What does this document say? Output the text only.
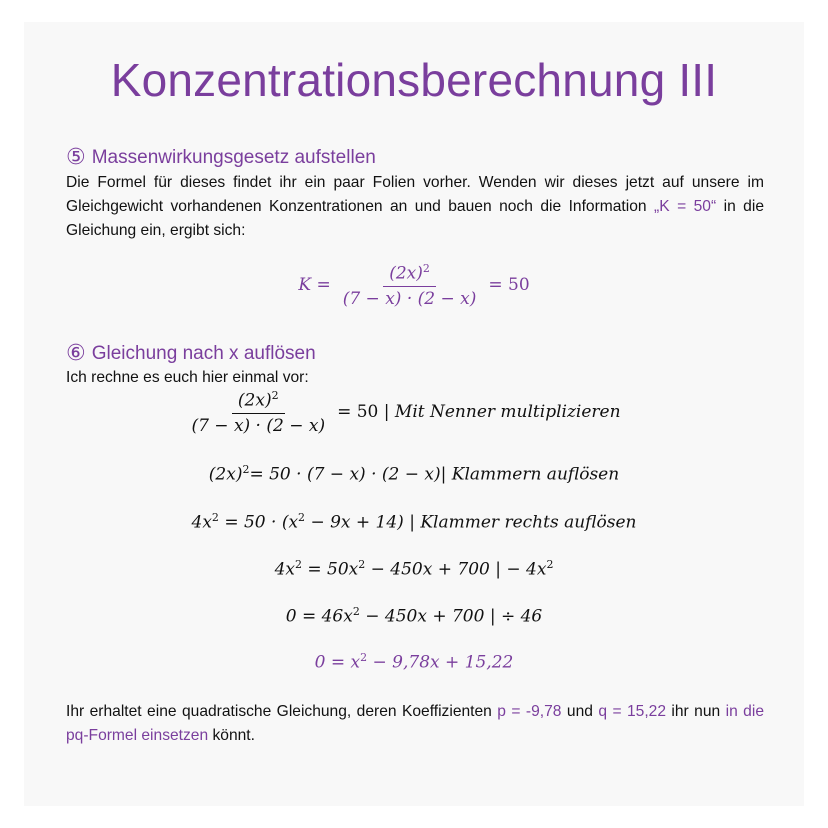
Konzentrationsberechnung III
⑤ Massenwirkungsgesetz aufstellen
Die Formel für dieses findet ihr ein paar Folien vorher. Wenden wir dieses jetzt auf unsere im Gleichgewicht vorhandenen Konzentrationen an und bauen noch die Information „K = 50“ in die Gleichung ein, ergibt sich:
$K = \frac{(2x)^2}{(7 - x) \cdot (2 - x)} = 50$
⑥ Gleichung nach x auflösen
Ich rechne es euch hier einmal vor:
$\frac{(2x)^2}{(7 - x) \cdot (2 - x)} = 50$ |
Mit Nenner multiplizieren
$(2x)^2= 50 \cdot (7 - x) \cdot (2 - x)|$ Klammern auflösen
$4x^2 = 50 \cdot (x^2 - 9x + 14)$ | Klammer rechts auflösen
$4x^2 = 50x^2 - 450x + 700$ | − $4x^2$
$0 = 46x^2 - 450x + 700$ | ÷ 46
$0 = x^2 - 9,78x + 15,22$
Ihr erhaltet eine quadratische Gleichung, deren Koeffizienten p = -9,78 und q = 15,22 ihr nun in die pq-Formel einsetzen könnt.
